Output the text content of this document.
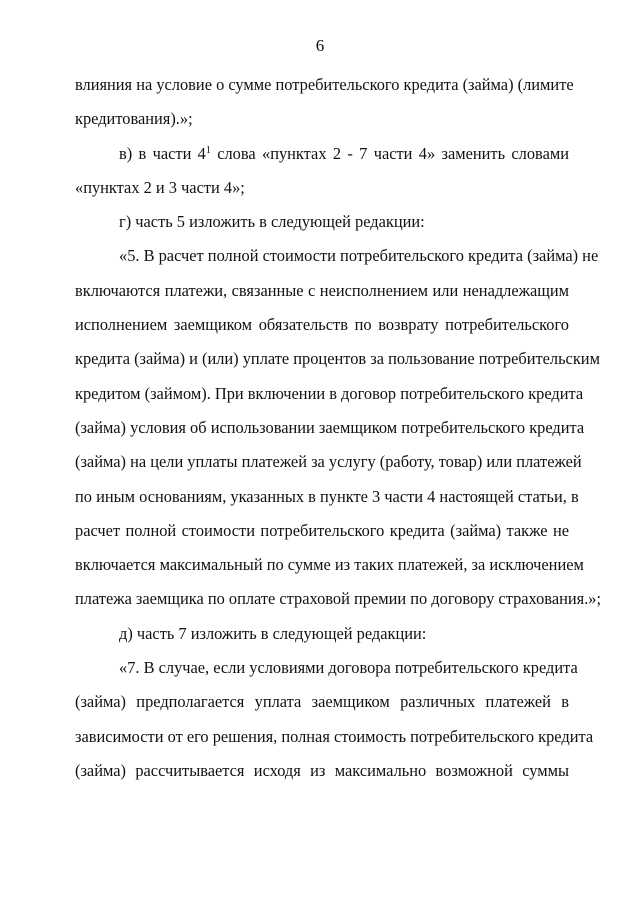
6
влияния на условие о сумме потребительского кредита (займа) (лимите
кредитования).»;
в) в части $4^1$ слова «пунктах 2 - 7 части 4» заменить словами
«пунктах 2 и 3 части 4»;
г) часть 5 изложить в следующей редакции:
«5. В расчет полной стоимости потребительского кредита (займа) не
включаются платежи, связанные с неисполнением или ненадлежащим
исполнением заемщиком обязательств по возврату потребительского
кредита (займа) и (или) уплате процентов за пользование потребительским
кредитом (займом). При включении в договор потребительского кредита
(займа) условия об использовании заемщиком потребительского кредита
(займа) на цели уплаты платежей за услугу (работу, товар) или платежей
по иным основаниям, указанных в пункте 3 части 4 настоящей статьи, в
расчет полной стоимости потребительского кредита (займа) также не
включается максимальный по сумме из таких платежей, за исключением
платежа заемщика по оплате страховой премии по договору страхования.»;
д) часть 7 изложить в следующей редакции:
«7. В случае, если условиями договора потребительского кредита
(займа) предполагается уплата заемщиком различных платежей в
зависимости от его решения, полная стоимость потребительского кредита
(займа) рассчитывается исходя из максимально возможной суммы
